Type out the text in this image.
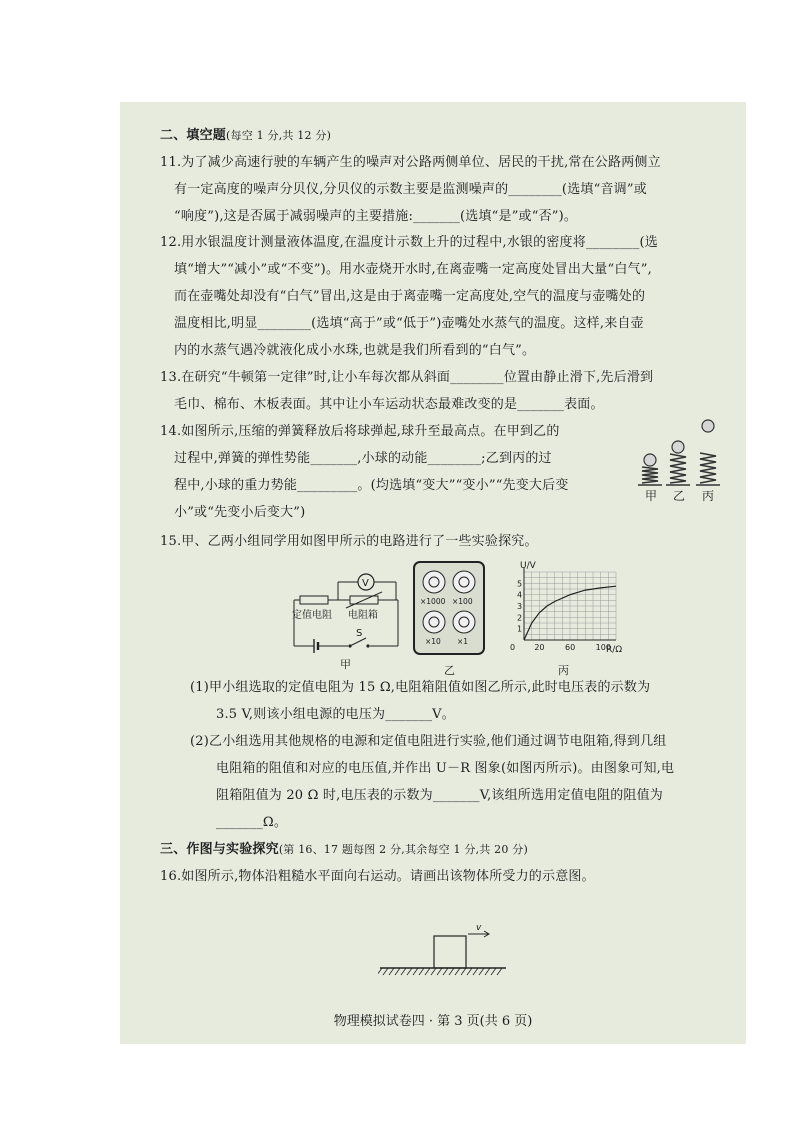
二、填空题(每空 1 分,共 12 分)
11.为了减少高速行驶的车辆产生的噪声对公路两侧单位、居民的干扰,常在公路两侧立
有一定高度的噪声分贝仪,分贝仪的示数主要是监测噪声的________(选填“音调”或
“响度”),这是否属于减弱噪声的主要措施:_______(选填“是”或“否”)。
12.用水银温度计测量液体温度,在温度计示数上升的过程中,水银的密度将________(选
填“增大”“减小”或“不变”)。用水壶烧开水时,在离壶嘴一定高度处冒出大量“白气”,
而在壶嘴处却没有“白气”冒出,这是由于离壶嘴一定高度处,空气的温度与壶嘴处的
温度相比,明显________(选填“高于”或“低于”)壶嘴处水蒸气的温度。这样,来自壶
内的水蒸气遇冷就液化成小水珠,也就是我们所看到的“白气”。
13.在研究“牛顿第一定律”时,让小车每次都从斜面________位置由静止滑下,先后滑到
毛巾、棉布、木板表面。其中让小车运动状态最难改变的是_______表面。
14.如图所示,压缩的弹簧释放后将球弹起,球升至最高点。在甲到乙的
过程中,弹簧的弹性势能_______,小球的动能________;乙到丙的过
程中,小球的重力势能_________。(均选填“变大”“变小”“先变大后变
小”或“先变小后变大”)
甲 乙 丙
15.甲、乙两小组同学用如图甲所示的电路进行了一些实验探究。
V
定值电阻 电阻箱
S
甲
×1000 ×100
×10 ×1
乙
U/V
R/Ω
0 20	60	100
1
2
3
4
5
丙
(1)甲小组选取的定值电阻为 15 Ω,电阻箱阻值如图乙所示,此时电压表的示数为
3.5 V,则该小组电源的电压为_______V。
(2)乙小组选用其他规格的电源和定值电阻进行实验,他们通过调节电阻箱,得到几组
电阻箱的阻值和对应的电压值,并作出 U－R 图象(如图丙所示)。由图象可知,电
阻箱阻值为 20 Ω 时,电压表的示数为_______V,该组所选用定值电阻的阻值为
_______Ω。
三、作图与实验探究(第 16、17 题每图 2 分,其余每空 1 分,共 20 分)
16.如图所示,物体沿粗糙水平面向右运动。请画出该物体所受力的示意图。
v
物理模拟试卷四 · 第 3 页(共 6 页)
